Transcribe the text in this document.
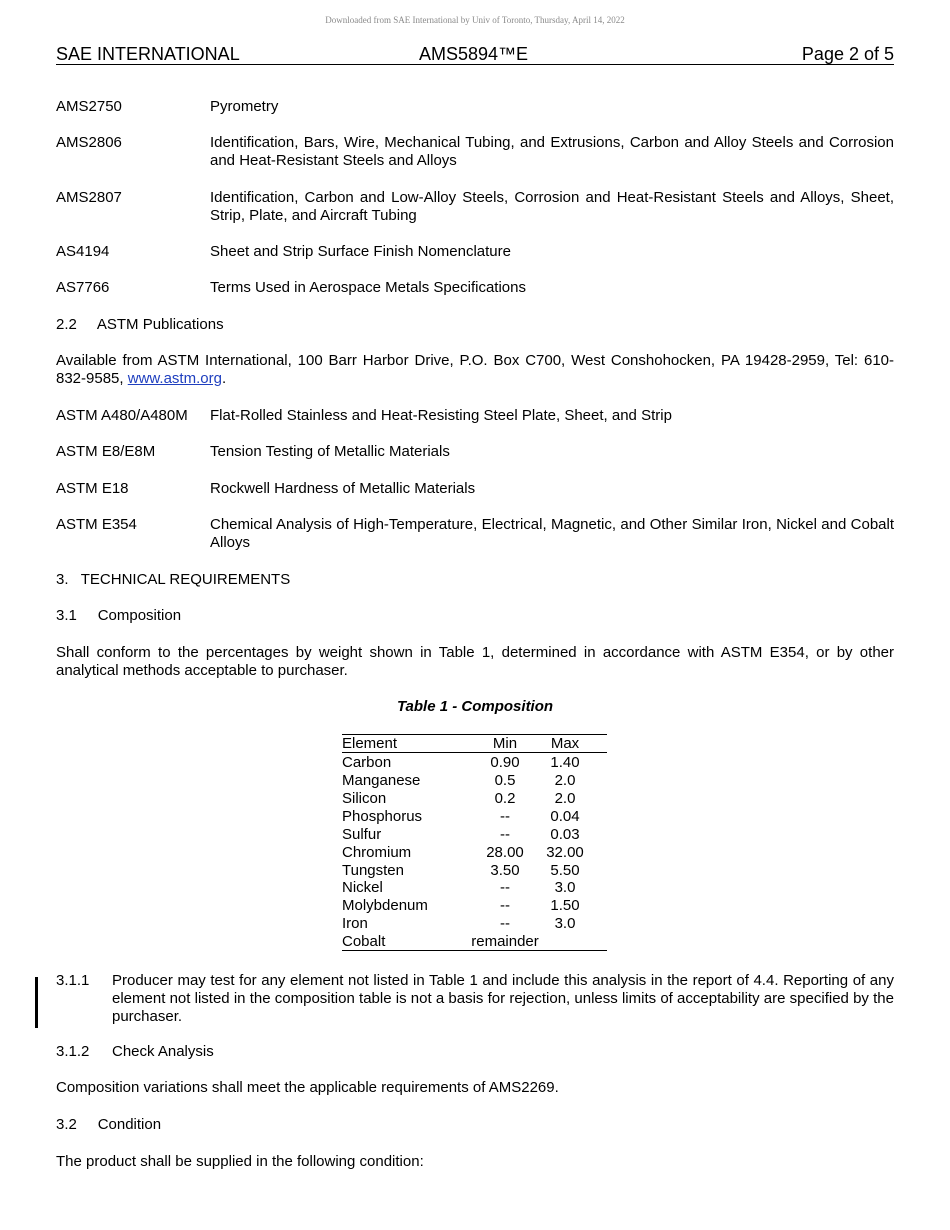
Downloaded from SAE International by Univ of Toronto, Thursday, April 14, 2022
SAE INTERNATIONAL	AMS5894™E	Page 2 of 5
AMS2750	Pyrometry
AMS2806	Identification, Bars, Wire, Mechanical Tubing, and Extrusions, Carbon and Alloy Steels and Corrosion and Heat-Resistant Steels and Alloys
AMS2807	Identification, Carbon and Low-Alloy Steels, Corrosion and Heat-Resistant Steels and Alloys, Sheet, Strip, Plate, and Aircraft Tubing
AS4194	Sheet and Strip Surface Finish Nomenclature
AS7766	Terms Used in Aerospace Metals Specifications
2.2     ASTM Publications
Available from ASTM International, 100 Barr Harbor Drive, P.O. Box C700, West Conshohocken, PA 19428-2959, Tel: 610-832-9585, www.astm.org.
ASTM A480/A480M Flat-Rolled Stainless and Heat-Resisting Steel Plate, Sheet, and Strip
ASTM E8/E8M	Tension Testing of Metallic Materials
ASTM E18	Rockwell Hardness of Metallic Materials
ASTM E354	Chemical Analysis of High-Temperature, Electrical, Magnetic, and Other Similar Iron, Nickel and Cobalt Alloys
3.   TECHNICAL REQUIREMENTS
3.1     Composition
Shall conform to the percentages by weight shown in Table 1, determined in accordance with ASTM E354, or by other analytical methods acceptable to purchaser.
Table 1 - Composition
Element	Min	Max
Carbon	0.90	1.40
Manganese	0.5	2.0
Silicon	0.2	2.0
Phosphorus	--	0.04
Sulfur	--	0.03
Chromium	28.00	32.00
Tungsten	3.50	5.50
Nickel	--	3.0
Molybdenum	--	1.50
Iron	--	3.0
Cobalt	remainder
3.1.1 Producer may test for any element not listed in Table 1 and include this analysis in the report of 4.4. Reporting of any element not listed in the composition table is not a basis for rejection, unless limits of acceptability are specified by the purchaser.
3.1.2 Check Analysis
Composition variations shall meet the applicable requirements of AMS2269.
3.2     Condition
The product shall be supplied in the following condition:
